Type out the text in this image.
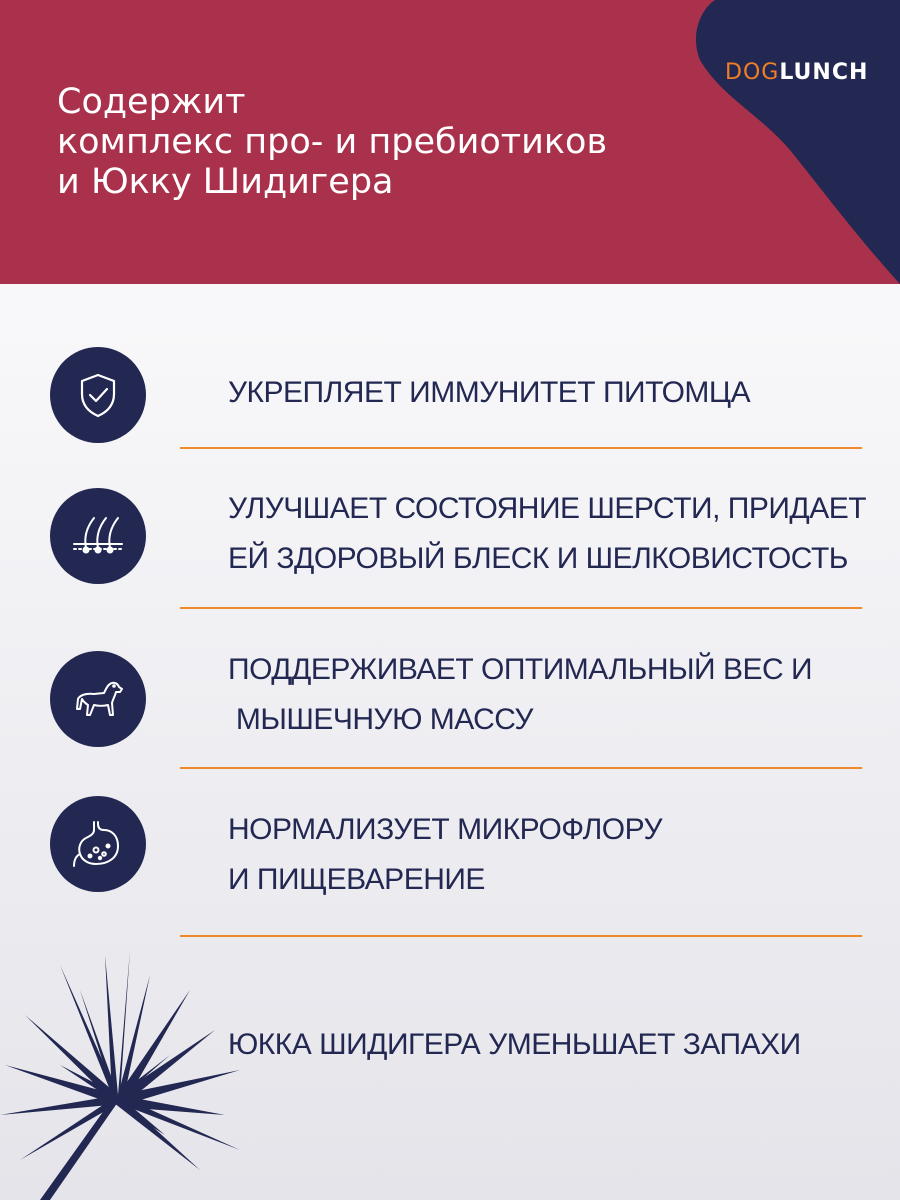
DOGLUNCH
Содержит
комплекс про- и пребиотиков
и Юкку Шидигера
УКРЕПЛЯЕТ ИММУНИТЕТ ПИТОМЦА
УЛУЧШАЕТ СОСТОЯНИЕ ШЕРСТИ, ПРИДАЕТ
ЕЙ ЗДОРОВЫЙ БЛЕСК И ШЕЛКОВИСТОСТЬ
ПОДДЕРЖИВАЕТ ОПТИМАЛЬНЫЙ ВЕС И
МЫШЕЧНУЮ МАССУ
НОРМАЛИЗУЕТ МИКРОФЛОРУ
И ПИЩЕВАРЕНИЕ
ЮККА ШИДИГЕРА УМЕНЬШАЕТ ЗАПАХИ
